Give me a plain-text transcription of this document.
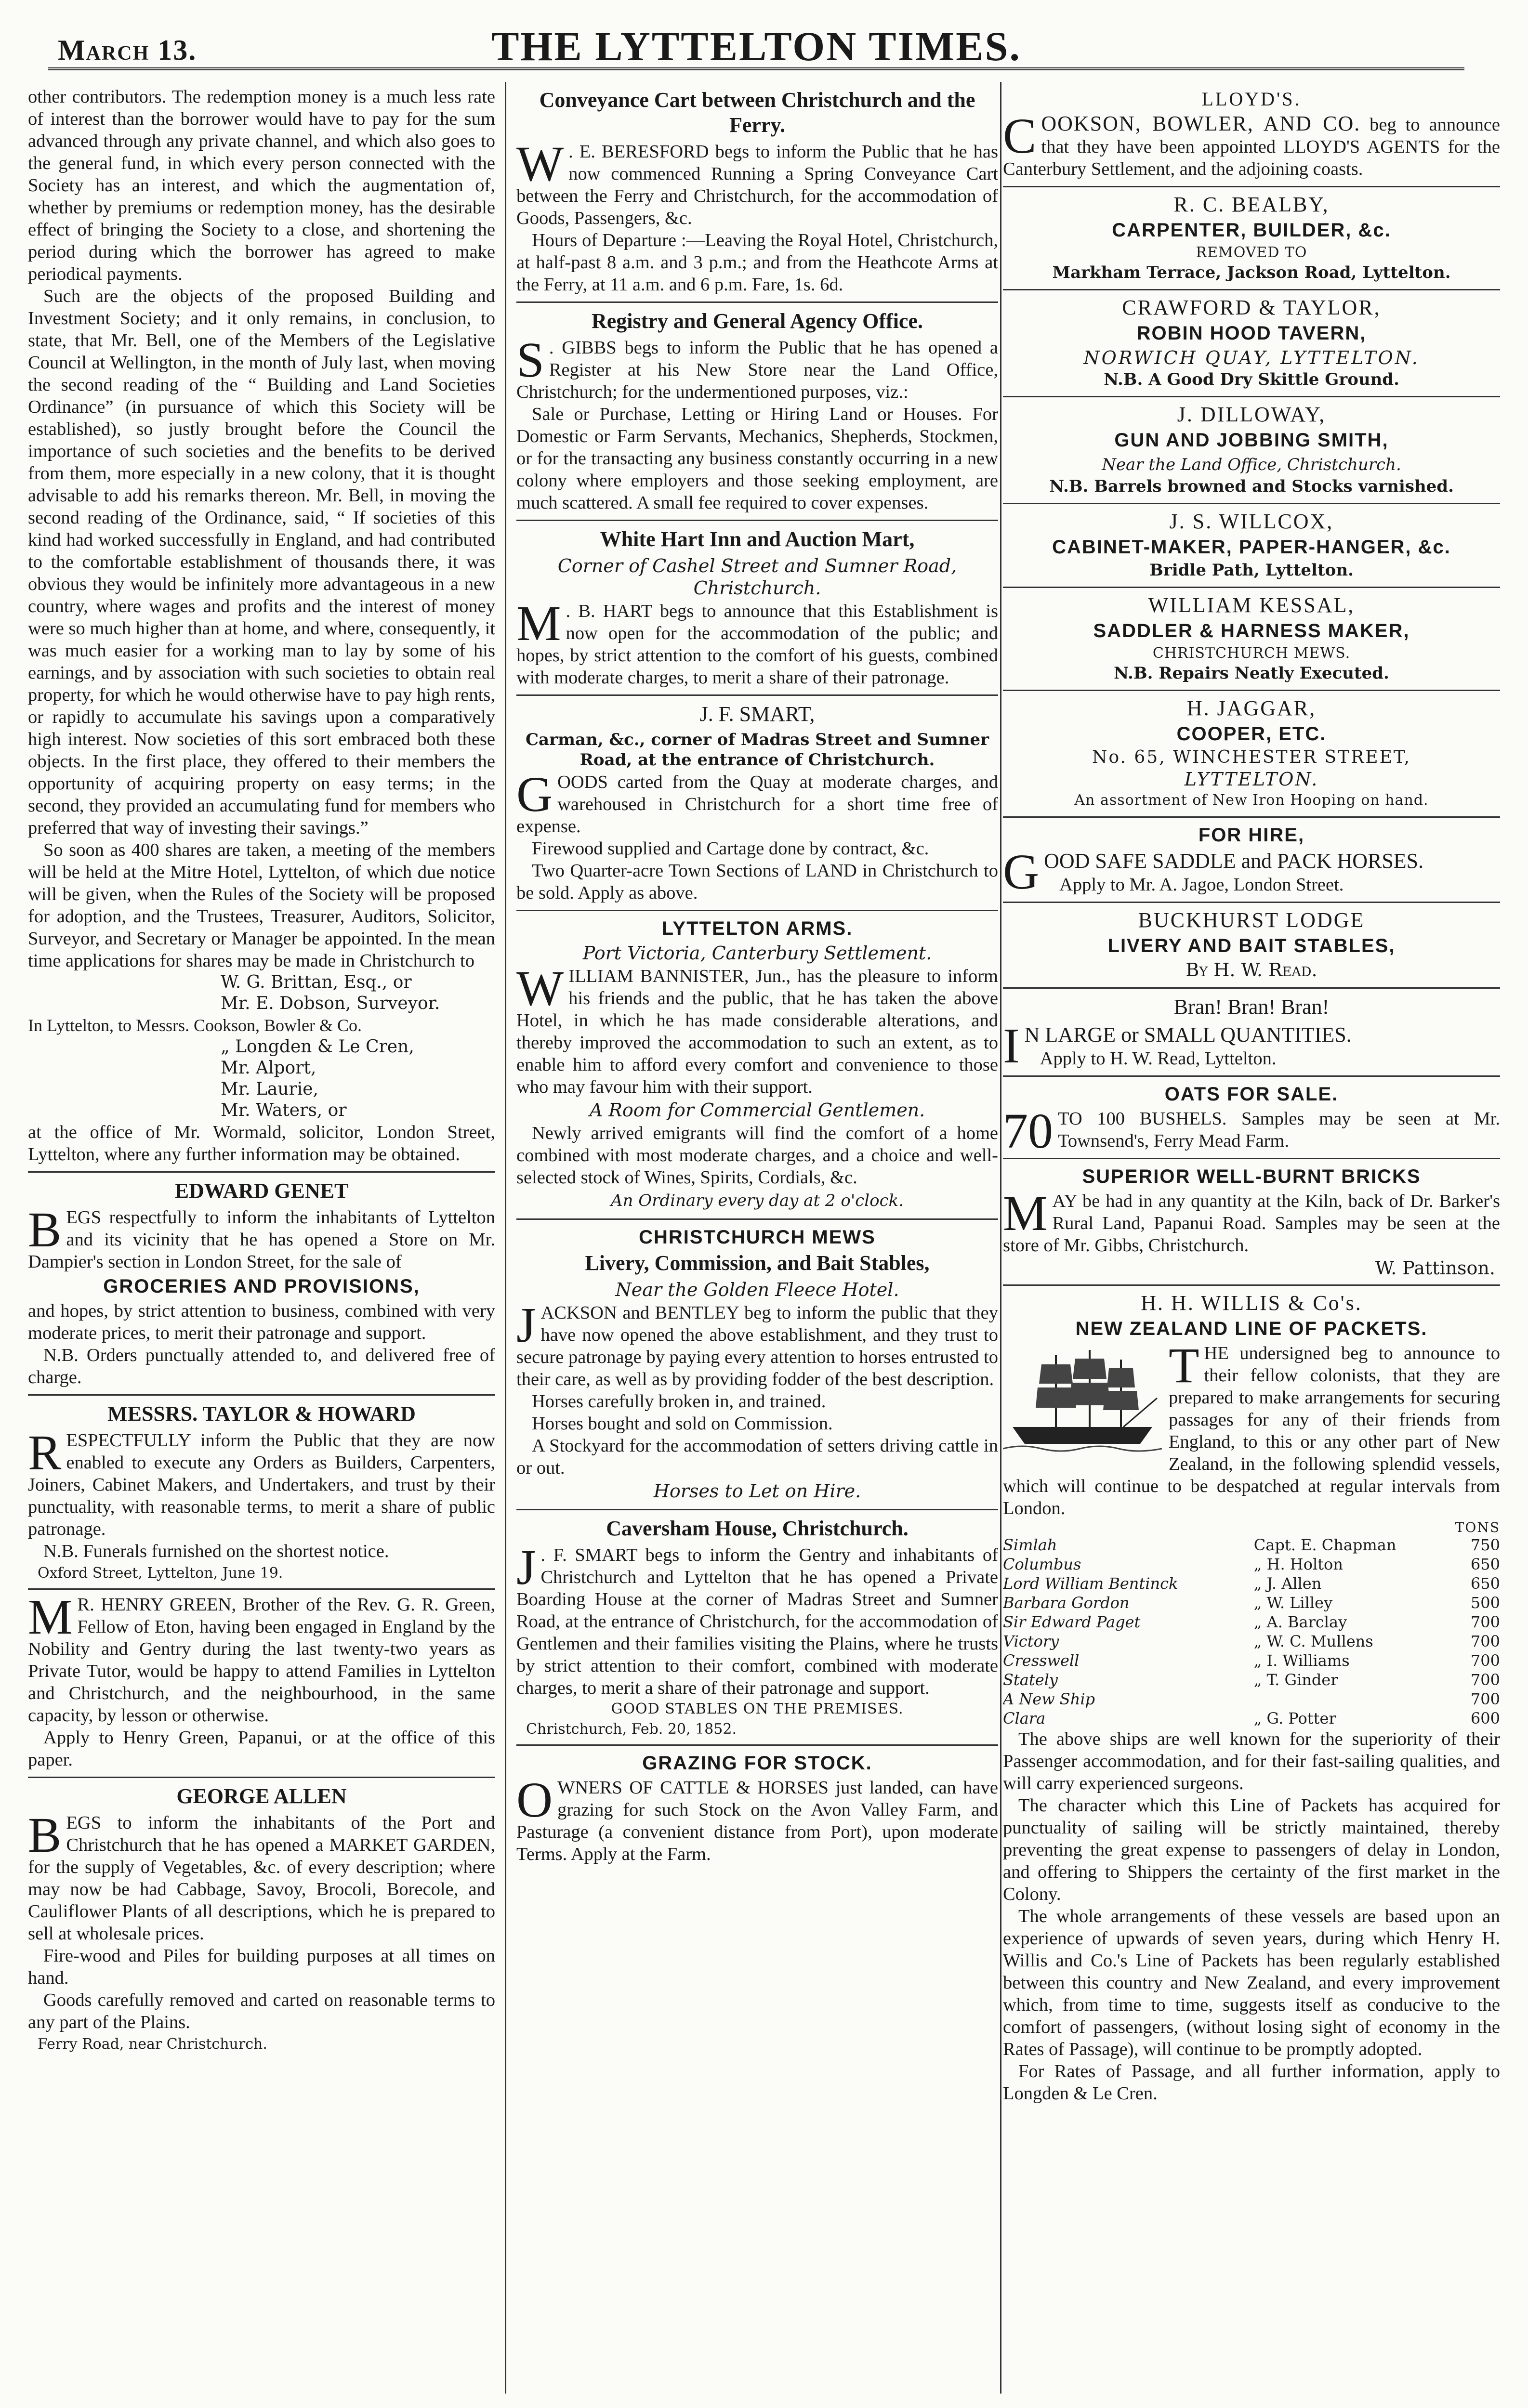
March 13.	THE LYTTELTON TIMES.

other contributors. The redemption money is a much less rate of interest than the borrower would have to pay for the sum advanced through any private channel, and which also goes to the general fund, in which every person connected with the Society has an interest, and which the augmentation of, whether by premiums or redemption money, has the desirable effect of bringing the Society to a close, and shortening the period during which the borrower has agreed to make periodical payments.

Such are the objects of the proposed Building and Investment Society; and it only remains, in conclusion, to state, that Mr. Bell, one of the Members of the Legislative Council at Wellington, in the month of July last, when moving the second reading of the “ Building and Land Societies Ordinance” (in pursuance of which this Society will be established), so justly brought before the Council the importance of such societies and the benefits to be derived from them, more especially in a new colony, that it is thought advisable to add his remarks thereon. Mr. Bell, in moving the second reading of the Ordinance, said, “ If societies of this kind had worked successfully in England, and had contributed to the comfortable establishment of thousands there, it was obvious they would be infinitely more advantageous in a new country, where wages and profits and the interest of money were so much higher than at home, and where, consequently, it was much easier for a working man to lay by some of his earnings, and by association with such societies to obtain real property, for which he would otherwise have to pay high rents, or rapidly to accumulate his savings upon a comparatively high interest. Now societies of this sort embraced both these objects. In the first place, they offered to their members the opportunity of acquiring property on easy terms; in the second, they provided an accumulating fund for members who preferred that way of investing their savings.”

So soon as 400 shares are taken, a meeting of the members will be held at the Mitre Hotel, Lyttelton, of which due notice will be given, when the Rules of the Society will be proposed for adoption, and the Trustees, Treasurer, Auditors, Solicitor, Surveyor, and Secretary or Manager be appointed. In the mean time applications for shares may be made in Christchurch to

W. G. Brittan, Esq., or
Mr. E. Dobson, Surveyor.

In Lyttelton, to Messrs. Cookson, Bowler & Co.

„ Longden & Le Cren,
Mr. Alport,
Mr. Laurie,
Mr. Waters, or

at the office of Mr. Wormald, solicitor, London Street, Lyttelton, where any further information may be obtained.

EDWARD GENET

BEGS respectfully to inform the inhabitants of Lyttelton and its vicinity that he has opened a Store on Mr. Dampier's section in London Street, for the sale of

GROCERIES AND PROVISIONS,

and hopes, by strict attention to business, combined with very moderate prices, to merit their patronage and support.

N.B. Orders punctually attended to, and delivered free of charge.

MESSRS. TAYLOR & HOWARD

RESPECTFULLY inform the Public that they are now enabled to execute any Orders as Builders, Carpenters, Joiners, Cabinet Makers, and Undertakers, and trust by their punctuality, with reasonable terms, to merit a share of public patronage.

N.B. Funerals furnished on the shortest notice.

Oxford Street, Lyttelton, June 19.

M R. HENRY GREEN, Brother of the Rev. G. R. Green, Fellow of Eton, having been engaged in England by the Nobility and Gentry during the last twenty-two years as Private Tutor, would be happy to attend Families in Lyttelton and Christchurch, and the neighbourhood, in the same capacity, by lesson or otherwise.

Apply to Henry Green, Papanui, or at the office of this paper.

GEORGE ALLEN

BEGS to inform the inhabitants of the Port and Christchurch that he has opened a MARKET GARDEN, for the supply of Vegetables, &c. of every description; where may now be had Cabbage, Savoy, Brocoli, Borecole, and Cauliflower Plants of all descriptions, which he is prepared to sell at wholesale prices.

Fire-wood and Piles for building purposes at all times on hand.

Goods carefully removed and carted on reasonable terms to any part of the Plains.

Ferry Road, near Christchurch.

Conveyance Cart between Christchurch and the Ferry.

W . E. BERESFORD begs to inform the Public that he has now commenced Running a Spring Conveyance Cart between the Ferry and Christchurch, for the accommodation of Goods, Passengers, &c.

Hours of Departure :—Leaving the Royal Hotel, Christchurch, at half-past 8 a.m. and 3 p.m.; and from the Heathcote Arms at the Ferry, at 11 a.m. and 6 p.m. Fare, 1s. 6d.

Registry and General Agency Office.

S . GIBBS begs to inform the Public that he has opened a Register at his New Store near the Land Office, Christchurch; for the undermentioned purposes, viz.:

Sale or Purchase, Letting or Hiring Land or Houses. For Domestic or Farm Servants, Mechanics, Shepherds, Stockmen, or for the transacting any business constantly occurring in a new colony where employers and those seeking employment, are much scattered. A small fee required to cover expenses.

White Hart Inn and Auction Mart,

Corner of Cashel Street and Sumner Road, Christchurch.

M . B. HART begs to announce that this Establishment is now open for the accommodation of the public; and hopes, by strict attention to the comfort of his guests, combined with moderate charges, to merit a share of their patronage.

J. F. SMART,

Carman, &c., corner of Madras Street and Sumner Road, at the entrance of Christchurch.

GOODS carted from the Quay at moderate charges, and warehoused in Christchurch for a short time free of expense.

Firewood supplied and Cartage done by contract, &c.

Two Quarter-acre Town Sections of LAND in Christchurch to be sold. Apply as above.

LYTTELTON ARMS.

Port Victoria, Canterbury Settlement.

WILLIAM BANNISTER, Jun., has the pleasure to inform his friends and the public, that he has taken the above Hotel, in which he has made considerable alterations, and thereby improved the accommodation to such an extent, as to enable him to afford every comfort and convenience to those who may favour him with their support.

A Room for Commercial Gentlemen.

Newly arrived emigrants will find the comfort of a home combined with most moderate charges, and a choice and well-selected stock of Wines, Spirits, Cordials, &c.

An Ordinary every day at 2 o'clock.

CHRISTCHURCH MEWS
Livery, Commission, and Bait Stables,

Near the Golden Fleece Hotel.

JACKSON and BENTLEY beg to inform the public that they have now opened the above establishment, and they trust to secure patronage by paying every attention to horses entrusted to their care, as well as by providing fodder of the best description.

Horses carefully broken in, and trained.

Horses bought and sold on Commission.

A Stockyard for the accommodation of setters driving cattle in or out.

Horses to Let on Hire.

Caversham House, Christchurch.

J . F. SMART begs to inform the Gentry and inhabitants of Christchurch and Lyttelton that he has opened a Private Boarding House at the corner of Madras Street and Sumner Road, at the entrance of Christchurch, for the accommodation of Gentlemen and their families visiting the Plains, where he trusts by strict attention to their comfort, combined with moderate charges, to merit a share of their patronage and support.

GOOD STABLES ON THE PREMISES.

Christchurch, Feb. 20, 1852.

GRAZING FOR STOCK.

OWNERS OF CATTLE & HORSES just landed, can have grazing for such Stock on the Avon Valley Farm, and Pasturage (a convenient distance from Port), upon moderate Terms. Apply at the Farm.

LLOYD'S.

COOKSON, BOWLER, AND CO. beg to announce that they have been appointed LLOYD'S AGENTS for the Canterbury Settlement, and the adjoining coasts.

R. C. BEALBY,

CARPENTER, BUILDER, &c.

REMOVED TO

Markham Terrace, Jackson Road, Lyttelton.

CRAWFORD & TAYLOR,

ROBIN HOOD TAVERN,

NORWICH QUAY, LYTTELTON.

N.B. A Good Dry Skittle Ground.

J. DILLOWAY,

GUN AND JOBBING SMITH,

Near the Land Office, Christchurch.

N.B. Barrels browned and Stocks varnished.

J. S. WILLCOX,

CABINET-MAKER, PAPER-HANGER, &c.

Bridle Path, Lyttelton.

WILLIAM KESSAL,

SADDLER & HARNESS MAKER,

CHRISTCHURCH MEWS.

N.B. Repairs Neatly Executed.

H. JAGGAR,

COOPER, ETC.

No. 65, WINCHESTER STREET,

LYTTELTON.

An assortment of New Iron Hooping on hand.

FOR HIRE,

GOOD SAFE SADDLE and PACK HORSES.

Apply to Mr. A. Jagoe, London Street.

BUCKHURST LODGE

LIVERY AND BAIT STABLES,

By H. W. Read.

Bran! Bran! Bran!

I N LARGE or SMALL QUANTITIES.

Apply to H. W. Read, Lyttelton.

OATS FOR SALE.

70 TO 100 BUSHELS. Samples may be seen at Mr. Townsend's, Ferry Mead Farm.

SUPERIOR WELL-BURNT BRICKS

MAY be had in any quantity at the Kiln, back of Dr. Barker's Rural Land, Papanui Road. Samples may be seen at the store of Mr. Gibbs, Christchurch.

W. Pattinson.

H. H. WILLIS & Co's.

NEW ZEALAND LINE OF PACKETS.

THE undersigned beg to announce to their fellow colonists, that they are prepared to make arrangements for securing passages for any of their friends from England, to this or any other part of New Zealand, in the following splendid vessels, which will continue to be despatched at regular intervals from London.

TONS
Simlah	Capt. E. Chapman	750
Columbus	„ H. Holton	650
Lord William Bentinck	„ J. Allen	650
Barbara Gordon	„ W. Lilley	500
Sir Edward Paget	„ A. Barclay	700
Victory	„ W. C. Mullens	700
Cresswell	„ I. Williams	700
Stately	„ T. Ginder	700
A New Ship		700
Clara	„ G. Potter	600

The above ships are well known for the superiority of their Passenger accommodation, and for their fast-sailing qualities, and will carry experienced surgeons.

The character which this Line of Packets has acquired for punctuality of sailing will be strictly maintained, thereby preventing the great expense to passengers of delay in London, and offering to Shippers the certainty of the first market in the Colony.

The whole arrangements of these vessels are based upon an experience of upwards of seven years, during which Henry H. Willis and Co.'s Line of Packets has been regularly established between this country and New Zealand, and every improvement which, from time to time, suggests itself as conducive to the comfort of passengers, (without losing sight of economy in the Rates of Passage), will continue to be promptly adopted.

For Rates of Passage, and all further information, apply to Longden & Le Cren.
